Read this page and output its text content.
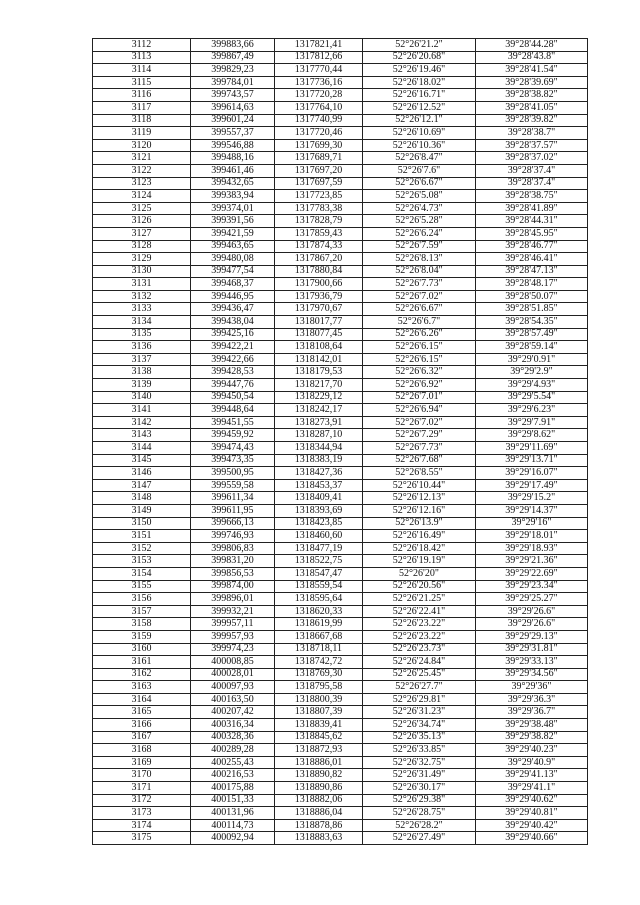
3112	399883,66	1317821,41	52°26'21.2"	39°28'44.28"
3113	399867,49	1317812,66	52°26'20.68"	39°28'43.8"
3114	399829,23	1317770,44	52°26'19.46"	39°28'41.54"
3115	399784,01	1317736,16	52°26'18.02"	39°28'39.69"
3116	399743,57	1317720,28	52°26'16.71"	39°28'38.82"
3117	399614,63	1317764,10	52°26'12.52"	39°28'41.05"
3118	399601,24	1317740,99	52°26'12.1"	39°28'39.82"
3119	399557,37	1317720,46	52°26'10.69"	39°28'38.7"
3120	399546,88	1317699,30	52°26'10.36"	39°28'37.57"
3121	399488,16	1317689,71	52°26'8.47"	39°28'37.02"
3122	399461,46	1317697,20	52°26'7.6"	39°28'37.4"
3123	399432,65	1317697,59	52°26'6.67"	39°28'37.4"
3124	399383,94	1317723,85	52°26'5.08"	39°28'38.75"
3125	399374,01	1317783,38	52°26'4.73"	39°28'41.89"
3126	399391,56	1317828,79	52°26'5.28"	39°28'44.31"
3127	399421,59	1317859,43	52°26'6.24"	39°28'45.95"
3128	399463,65	1317874,33	52°26'7.59"	39°28'46.77"
3129	399480,08	1317867,20	52°26'8.13"	39°28'46.41"
3130	399477,54	1317880,84	52°26'8.04"	39°28'47.13"
3131	399468,37	1317900,66	52°26'7.73"	39°28'48.17"
3132	399446,95	1317936,79	52°26'7.02"	39°28'50.07"
3133	399436,47	1317970,67	52°26'6.67"	39°28'51.85"
3134	399438,04	1318017,77	52°26'6.7"	39°28'54.35"
3135	399425,16	1318077,45	52°26'6.26"	39°28'57.49"
3136	399422,21	1318108,64	52°26'6.15"	39°28'59.14"
3137	399422,66	1318142,01	52°26'6.15"	39°29'0.91"
3138	399428,53	1318179,53	52°26'6.32"	39°29'2.9"
3139	399447,76	1318217,70	52°26'6.92"	39°29'4.93"
3140	399450,54	1318229,12	52°26'7.01"	39°29'5.54"
3141	399448,64	1318242,17	52°26'6.94"	39°29'6.23"
3142	399451,55	1318273,91	52°26'7.02"	39°29'7.91"
3143	399459,92	1318287,10	52°26'7.29"	39°29'8.62"
3144	399474,43	1318344,94	52°26'7.73"	39°29'11.69"
3145	399473,35	1318383,19	52°26'7.68"	39°29'13.71"
3146	399500,95	1318427,36	52°26'8.55"	39°29'16.07"
3147	399559,58	1318453,37	52°26'10.44"	39°29'17.49"
3148	399611,34	1318409,41	52°26'12.13"	39°29'15.2"
3149	399611,95	1318393,69	52°26'12.16"	39°29'14.37"
3150	399666,13	1318423,85	52°26'13.9"	39°29'16"
3151	399746,93	1318460,60	52°26'16.49"	39°29'18.01"
3152	399806,83	1318477,19	52°26'18.42"	39°29'18.93"
3153	399831,20	1318522,75	52°26'19.19"	39°29'21.36"
3154	399856,53	1318547,47	52°26'20"	39°29'22.69"
3155	399874,00	1318559,54	52°26'20.56"	39°29'23.34"
3156	399896,01	1318595,64	52°26'21.25"	39°29'25.27"
3157	399932,21	1318620,33	52°26'22.41"	39°29'26.6"
3158	399957,11	1318619,99	52°26'23.22"	39°29'26.6"
3159	399957,93	1318667,68	52°26'23.22"	39°29'29.13"
3160	399974,23	1318718,11	52°26'23.73"	39°29'31.81"
3161	400008,85	1318742,72	52°26'24.84"	39°29'33.13"
3162	400028,01	1318769,30	52°26'25.45"	39°29'34.56"
3163	400097,93	1318795,58	52°26'27.7"	39°29'36"
3164	400163,50	1318800,39	52°26'29.81"	39°29'36.3"
3165	400207,42	1318807,39	52°26'31.23"	39°29'36.7"
3166	400316,34	1318839,41	52°26'34.74"	39°29'38.48"
3167	400328,36	1318845,62	52°26'35.13"	39°29'38.82"
3168	400289,28	1318872,93	52°26'33.85"	39°29'40.23"
3169	400255,43	1318886,01	52°26'32.75"	39°29'40.9"
3170	400216,53	1318890,82	52°26'31.49"	39°29'41.13"
3171	400175,88	1318890,86	52°26'30.17"	39°29'41.1"
3172	400151,33	1318882,06	52°26'29.38"	39°29'40.62"
3173	400131,96	1318886,04	52°26'28.75"	39°29'40.81"
3174	400114,73	1318878,86	52°26'28.2"	39°29'40.42"
3175	400092,94	1318883,63	52°26'27.49"	39°29'40.66"
